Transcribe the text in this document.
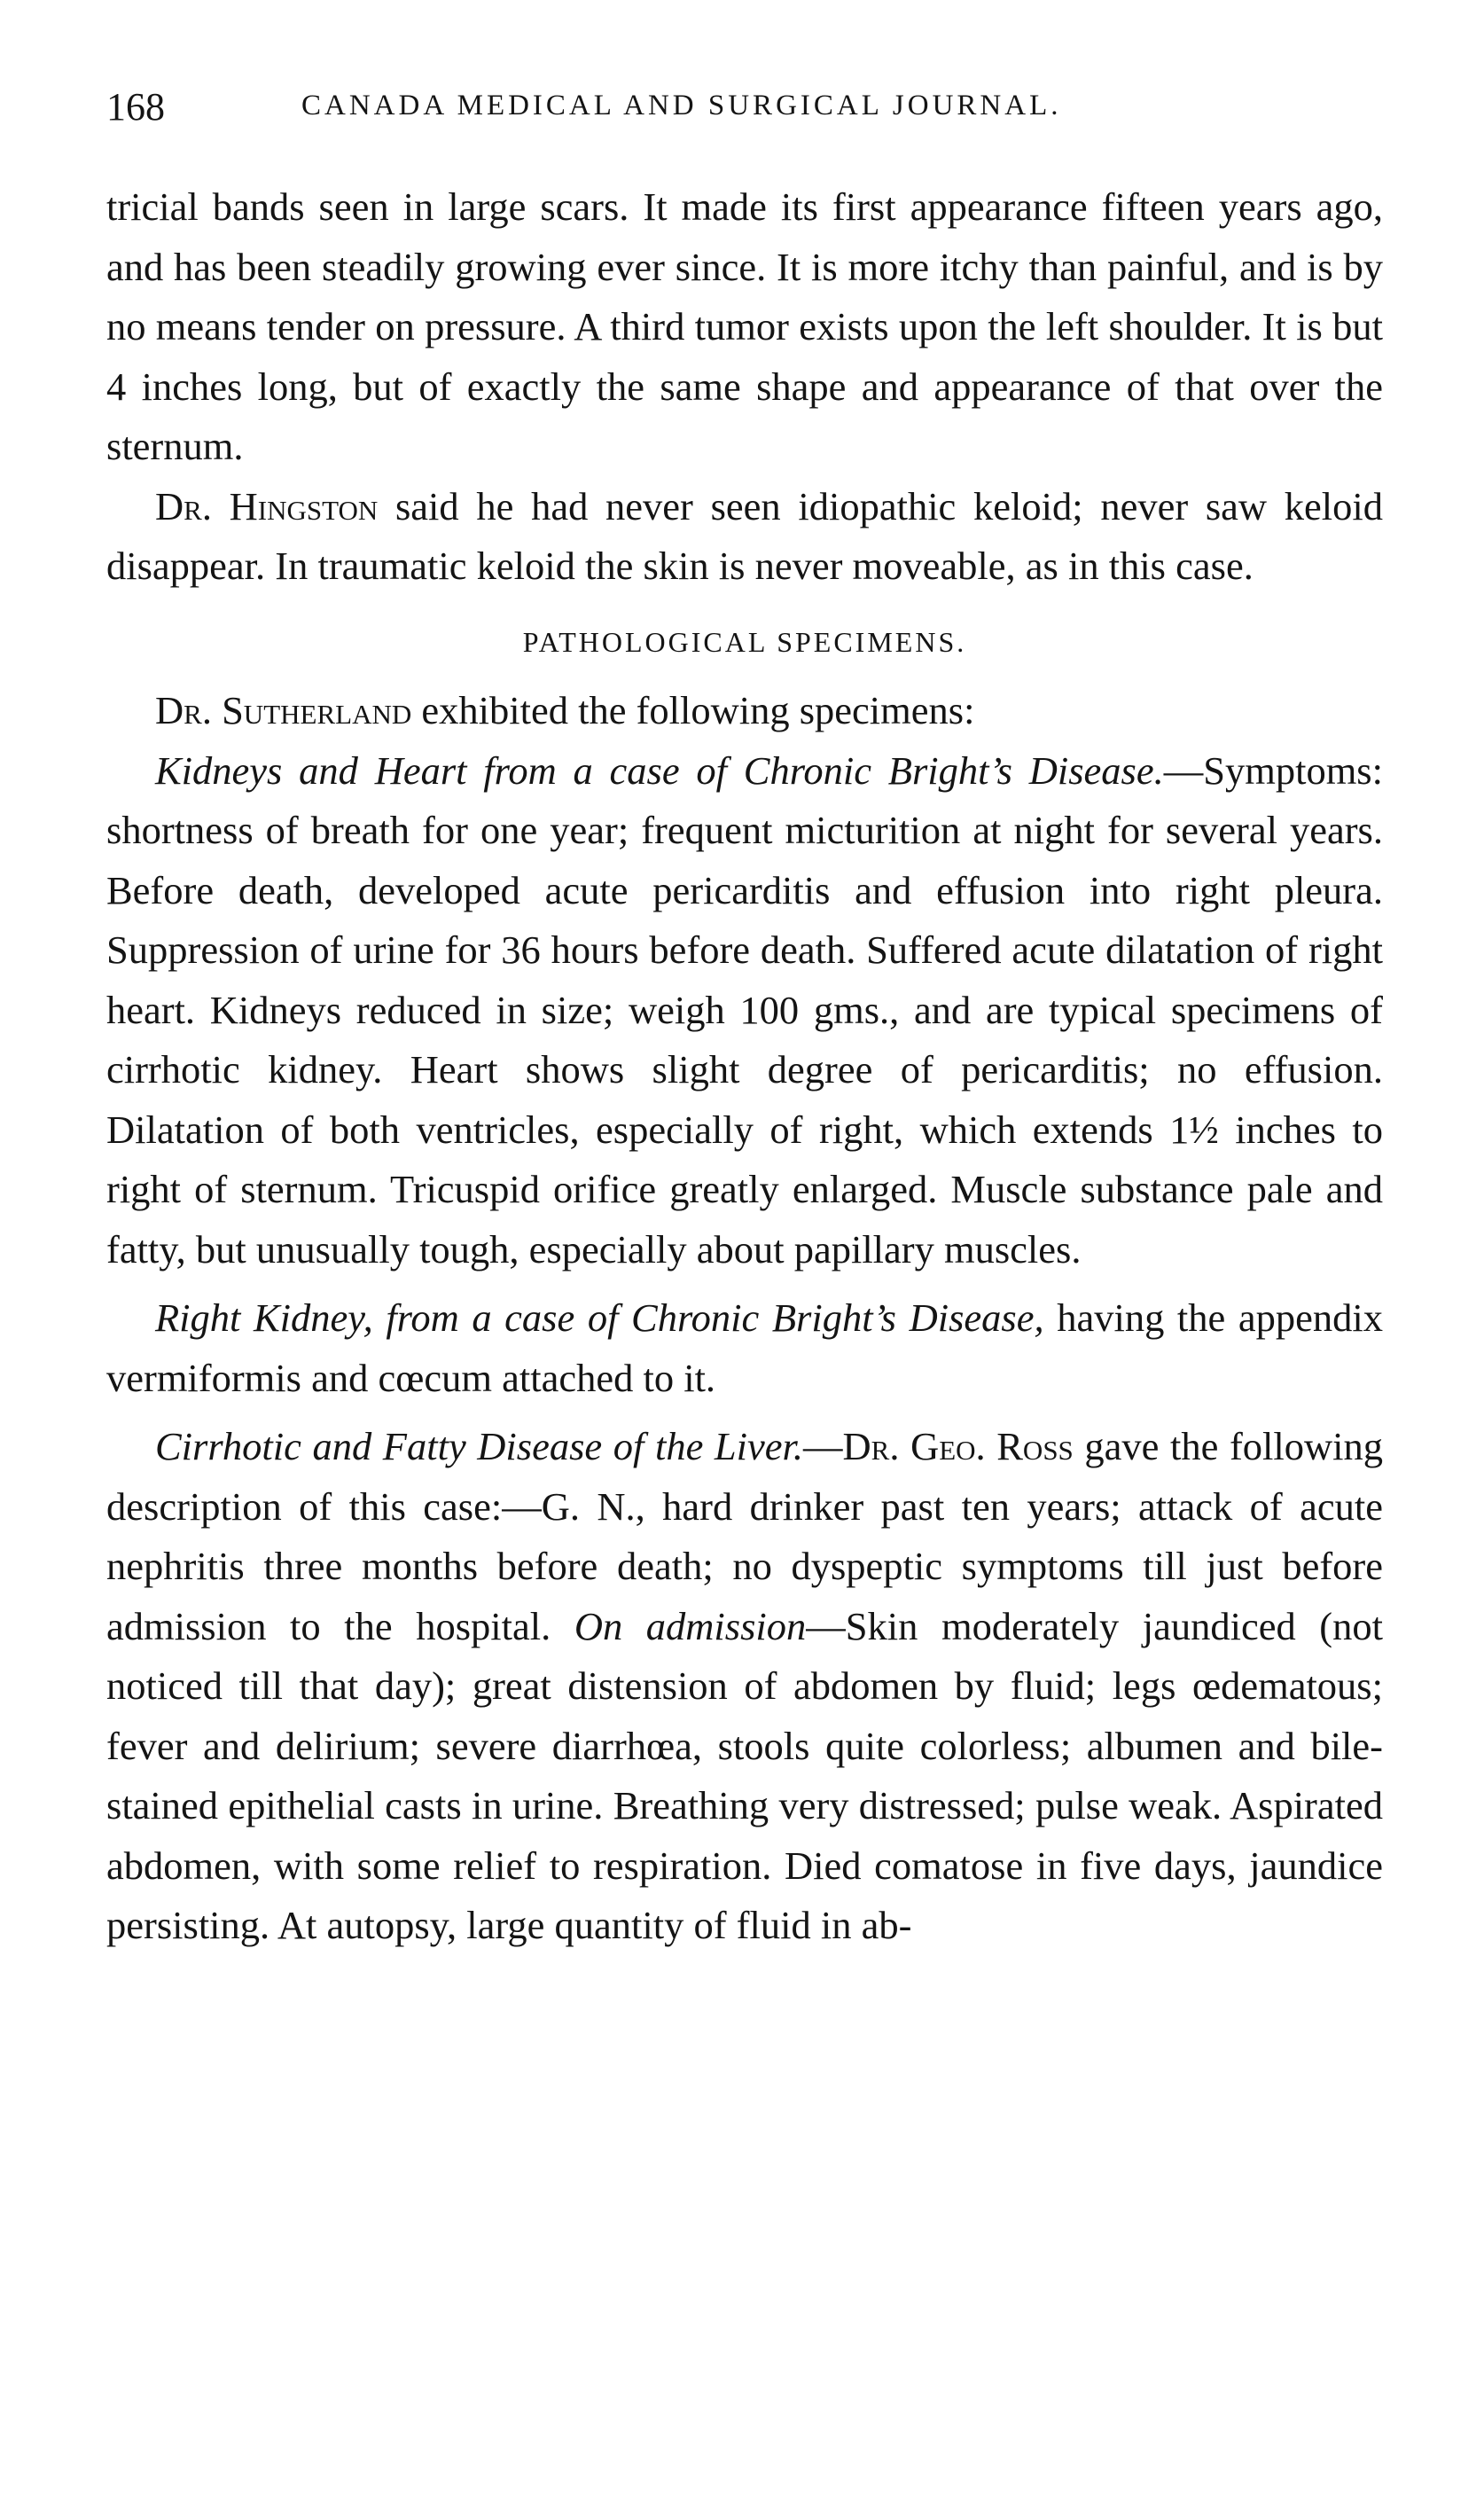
168	CANADA MEDICAL AND SURGICAL JOURNAL.

tricial bands seen in large scars. It made its first appearance fifteen years ago, and has been steadily growing ever since. It is more itchy than painful, and is by no means tender on pressure. A third tumor exists upon the left shoulder. It is but 4 inches long, but of exactly the same shape and appearance of that over the sternum.

Dr. Hingston said he had never seen idiopathic keloid; never saw keloid disappear. In traumatic keloid the skin is never moveable, as in this case.

PATHOLOGICAL SPECIMENS.

Dr. Sutherland exhibited the following specimens:

Kidneys and Heart from a case of Chronic Bright’s Disease.—Symptoms: shortness of breath for one year; frequent micturition at night for several years. Before death, developed acute pericarditis and effusion into right pleura. Suppression of urine for 36 hours before death. Suffered acute dilatation of right heart. Kidneys reduced in size; weigh 100 gms., and are typical specimens of cirrhotic kidney. Heart shows slight degree of pericarditis; no effusion. Dilatation of both ventricles, especially of right, which extends 1½ inches to right of sternum. Tricuspid orifice greatly enlarged. Muscle substance pale and fatty, but unusually tough, especially about papillary muscles.

Right Kidney, from a case of Chronic Bright’s Disease, having the appendix vermiformis and cœcum attached to it.

Cirrhotic and Fatty Disease of the Liver.—Dr. Geo. Ross gave the following description of this case:—G. N., hard drinker past ten years; attack of acute nephritis three months before death; no dyspeptic symptoms till just before admission to the hospital. On admission—Skin moderately jaundiced (not noticed till that day); great distension of abdomen by fluid; legs œdematous; fever and delirium; severe diarrhœa, stools quite colorless; albumen and bile-stained epithelial casts in urine. Breathing very distressed; pulse weak. Aspirated abdomen, with some relief to respiration. Died comatose in five days, jaundice persisting. At autopsy, large quantity of fluid in ab-
